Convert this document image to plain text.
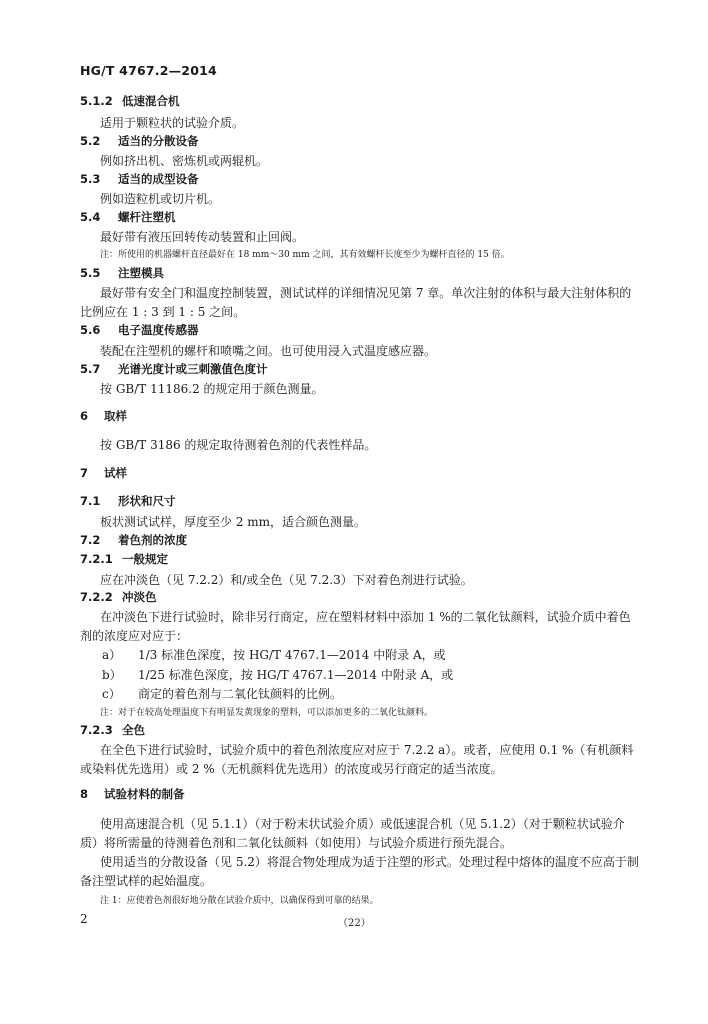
HG/T 4767.2—2014
5.1.2 低速混合机
适用于颗粒状的试验介质。
5.2 适当的分散设备
例如挤出机、密炼机或两辊机。
5.3 适当的成型设备
例如造粒机或切片机。
5.4 螺杆注塑机
最好带有液压回转传动装置和止回阀。
注：所使用的机器螺杆直径最好在 18 mm～30 mm 之间，其有效螺杆长度至少为螺杆直径的 15 倍。
5.5 注塑模具
最好带有安全门和温度控制装置，测试试样的详细情况见第 7 章。单次注射的体积与最大注射体积的比例应在 1 : 3 到 1 : 5 之间。
5.6 电子温度传感器
装配在注塑机的螺杆和喷嘴之间。也可使用浸入式温度感应器。
5.7 光谱光度计或三刺激值色度计
按 GB/T 11186.2 的规定用于颜色测量。
6 取样
按 GB/T 3186 的规定取待测着色剂的代表性样品。
7 试样
7.1 形状和尺寸
板状测试试样，厚度至少 2 mm，适合颜色测量。
7.2 着色剂的浓度
7.2.1 一般规定
应在冲淡色（见 7.2.2）和/或全色（见 7.2.3）下对着色剂进行试验。
7.2.2 冲淡色
在冲淡色下进行试验时，除非另行商定，应在塑料材料中添加 1 %的二氧化钛颜料，试验介质中着色剂的浓度应对应于：
a） 1/3 标准色深度，按 HG/T 4767.1—2014 中附录 A，或
b） 1/25 标准色深度，按 HG/T 4767.1—2014 中附录 A，或
c） 商定的着色剂与二氧化钛颜料的比例。
注：对于在较高处理温度下有明显发黄现象的塑料，可以添加更多的二氧化钛颜料。
7.2.3 全色
在全色下进行试验时，试验介质中的着色剂浓度应对应于 7.2.2 a）。或者，应使用 0.1 %（有机颜料或染料优先选用）或 2 %（无机颜料优先选用）的浓度或另行商定的适当浓度。
8 试验材料的制备
使用高速混合机（见 5.1.1）（对于粉末状试验介质）或低速混合机（见 5.1.2）（对于颗粒状试验介质）将所需量的待测着色剂和二氧化钛颜料（如使用）与试验介质进行预先混合。
使用适当的分散设备（见 5.2）将混合物处理成为适于注塑的形式。处理过程中熔体的温度不应高于制备注塑试样的起始温度。
注 1：应使着色剂很好地分散在试验介质中，以确保得到可靠的结果。
2	（22）
